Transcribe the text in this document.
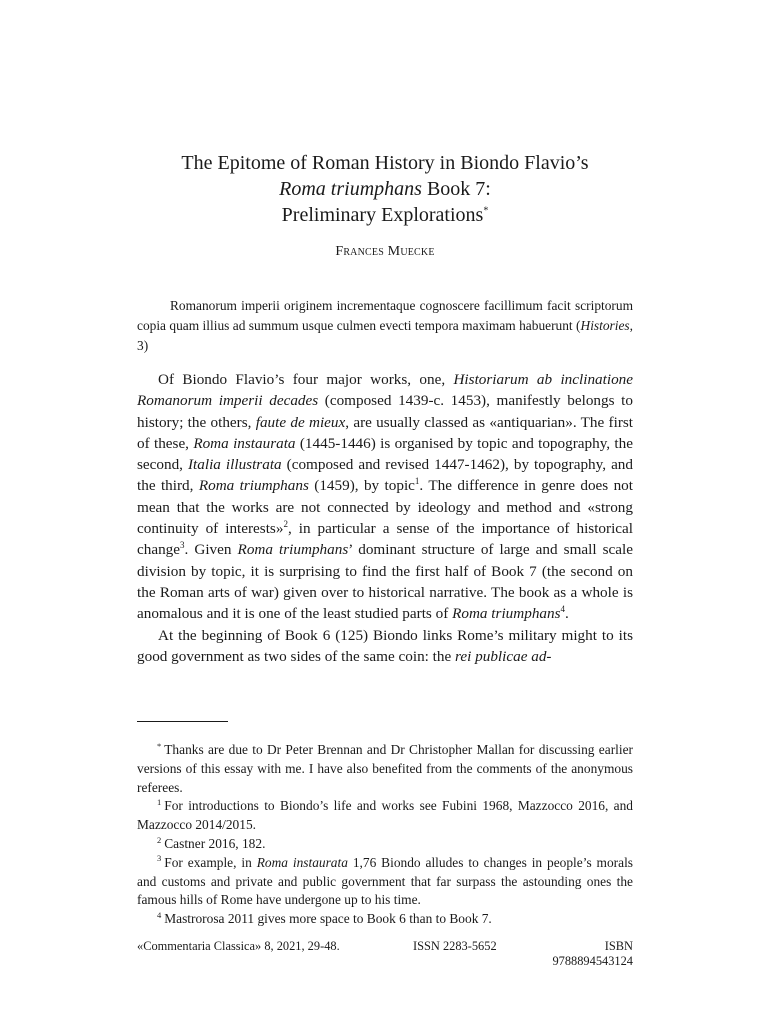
The Epitome of Roman History in Biondo Flavio’s
Roma triumphans Book 7:
Preliminary Explorations*
Frances Muecke

Romanorum imperii originem incrementaque cognoscere facillimum facit scriptorum copia quam illius ad summum usque culmen evecti tempora maximam habuerunt (Histories, 3)

Of Biondo Flavio’s four major works, one, Historiarum ab inclinatione Romanorum imperii decades (composed 1439-c. 1453), manifestly belongs to history; the others, faute de mieux, are usually classed as «antiquarian». The first of these, Roma instaurata (1445-1446) is organised by topic and topography, the second, Italia illustrata (composed and revised 1447-1462), by topography, and the third, Roma triumphans (1459), by topic$^1$. The difference in genre does not mean that the works are not connected by ideology and method and «strong continuity of interests»$^2$, in particular a sense of the importance of historical change$^3$. Given Roma triumphans’ dominant structure of large and small scale division by topic, it is surprising to find the first half of Book 7 (the second on the Roman arts of war) given over to historical narrative. The book as a whole is anomalous and it is one of the least studied parts of Roma triumphans$^4$.

At the beginning of Book 6 (125) Biondo links Rome’s military might to its good government as two sides of the same coin: the rei publicae ad-

* Thanks are due to Dr Peter Brennan and Dr Christopher Mallan for discussing earlier versions of this essay with me. I have also benefited from the comments of the anonymous referees.

$^1$ For introductions to Biondo’s life and works see Fubini 1968, Mazzocco 2016, and Mazzocco 2014/2015.

$^2$ Castner 2016, 182.

$^3$ For example, in Roma instaurata 1,76 Biondo alludes to changes in people’s morals and customs and private and public government that far surpass the astounding ones the famous hills of Rome have undergone up to his time.

$^4$ Mastrorosa 2011 gives more space to Book 6 than to Book 7.

«Commentaria Classica» 8, 2021, 29-48.	ISSN 2283-5652	ISBN 9788894543124
